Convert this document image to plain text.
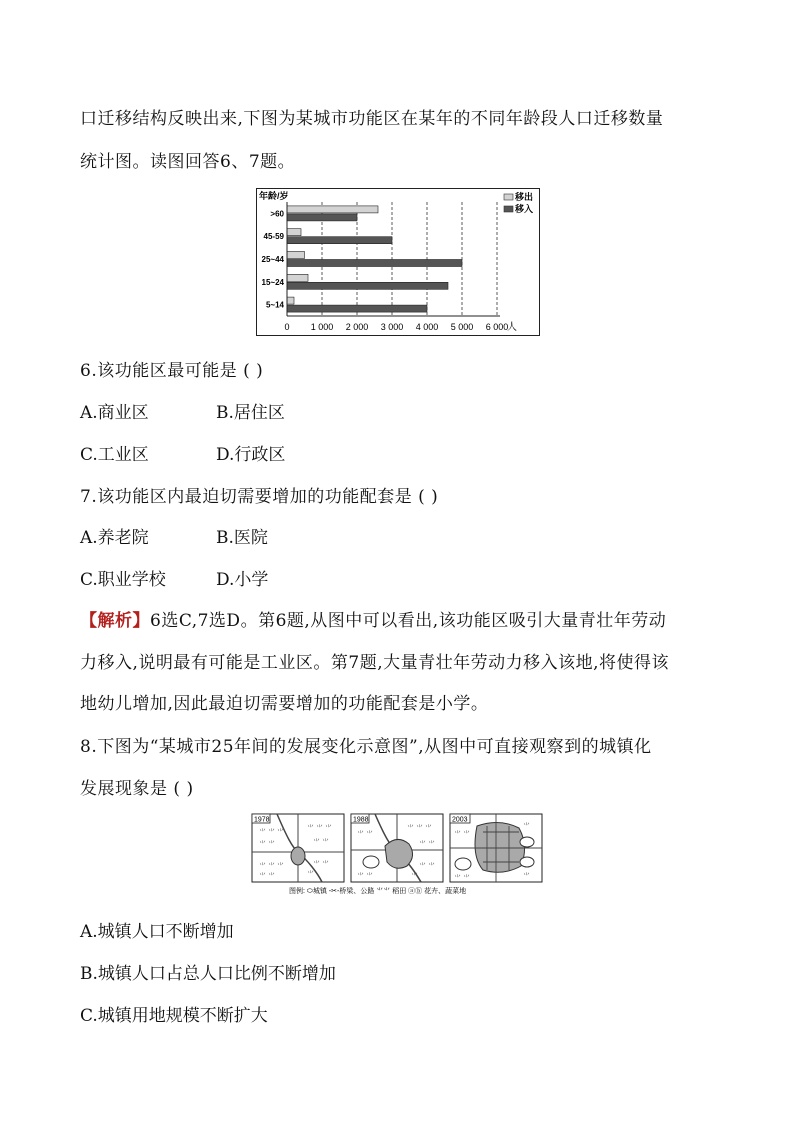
口迁移结构反映出来,下图为某城市功能区在某年的不同年龄段人口迁移数量
统计图。读图回答6、7题。
0 1 000 2 000 3 000 4 000 5 000 6 000
>60
45-59
25~44
15~24
5~14
年龄/岁	移出
移入
人
6.该功能区最可能是 ( )
A.商业区	B.居住区
C.工业区	D.行政区
7.该功能区内最迫切需要增加的功能配套是 ( )
A.养老院	B.医院
C.职业学校	D.小学
【解析】6选C,7选D。第6题,从图中可以看出,该功能区吸引大量青壮年劳动
力移入,说明最有可能是工业区。第7题,大量青壮年劳动力移入该地,将使得该
地幼儿增加,因此最迫切需要增加的功能配套是小学。
8.下图为“某城市25年间的发展变化示意图”,从图中可直接观察到的城镇化
发展现象是 ( )
1978
⺌ ⺌ ⺌
⺌ ⺌
⺌ ⺌ ⺌
⺌ ⺌
⺌ ⺌ ⺌
⺌ ⺌
⺌ ⺌
⺌
1988
⺌ ⺌
⺌ ⺌ ⺌
⺌ ⺌
⺌ ⺌
⺌ ⺌
⺌
2003
⺌ ⺌
⺌
⺌ ⺌	⺌
图例: ⬭城镇 -✂-桥梁、公路 ⺌⺌ 稻田 ⓐⓑ 花卉、蔬菜地
A.城镇人口不断增加
B.城镇人口占总人口比例不断增加
C.城镇用地规模不断扩大
